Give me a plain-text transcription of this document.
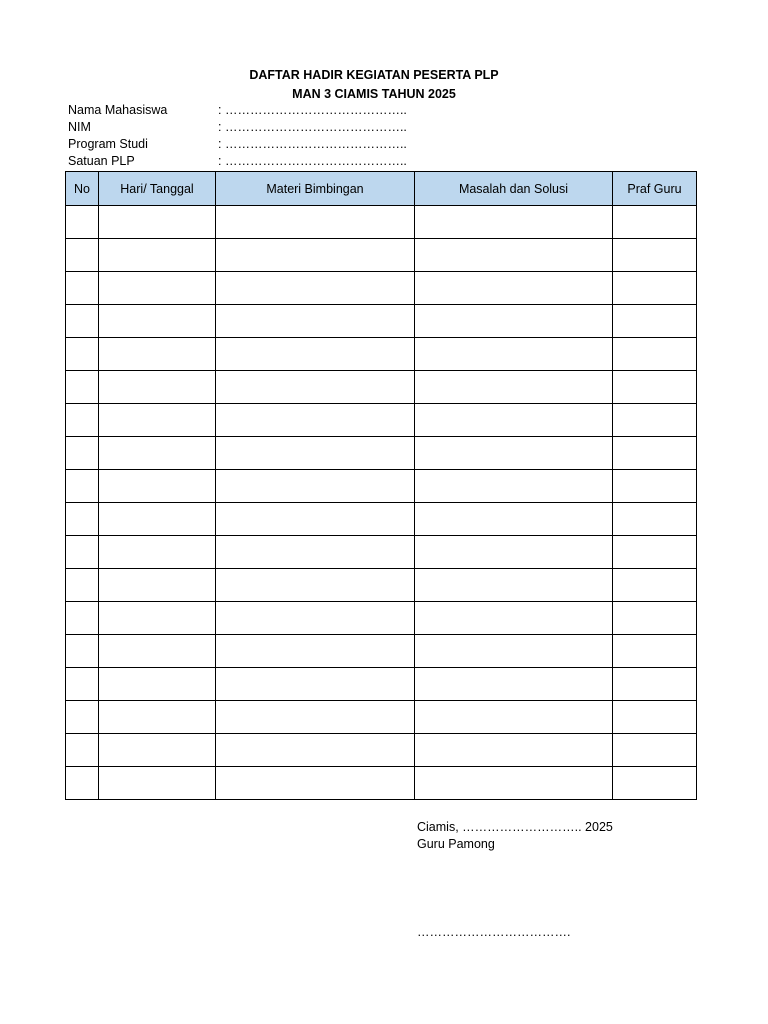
DAFTAR HADIR KEGIATAN PESERTA PLP
MAN 3 CIAMIS TAHUN 2025
Nama Mahasiswa	: ……………………………………..
NIM	: ……………………………………..
Program Studi	: ……………………………………..
Satuan PLP	: ……………………………………..
No	Hari/ Tanggal	Materi Bimbingan	Masalah dan Solusi	Praf Guru

Ciamis, ……………………….. 2025
Guru Pamong
……………………………….
